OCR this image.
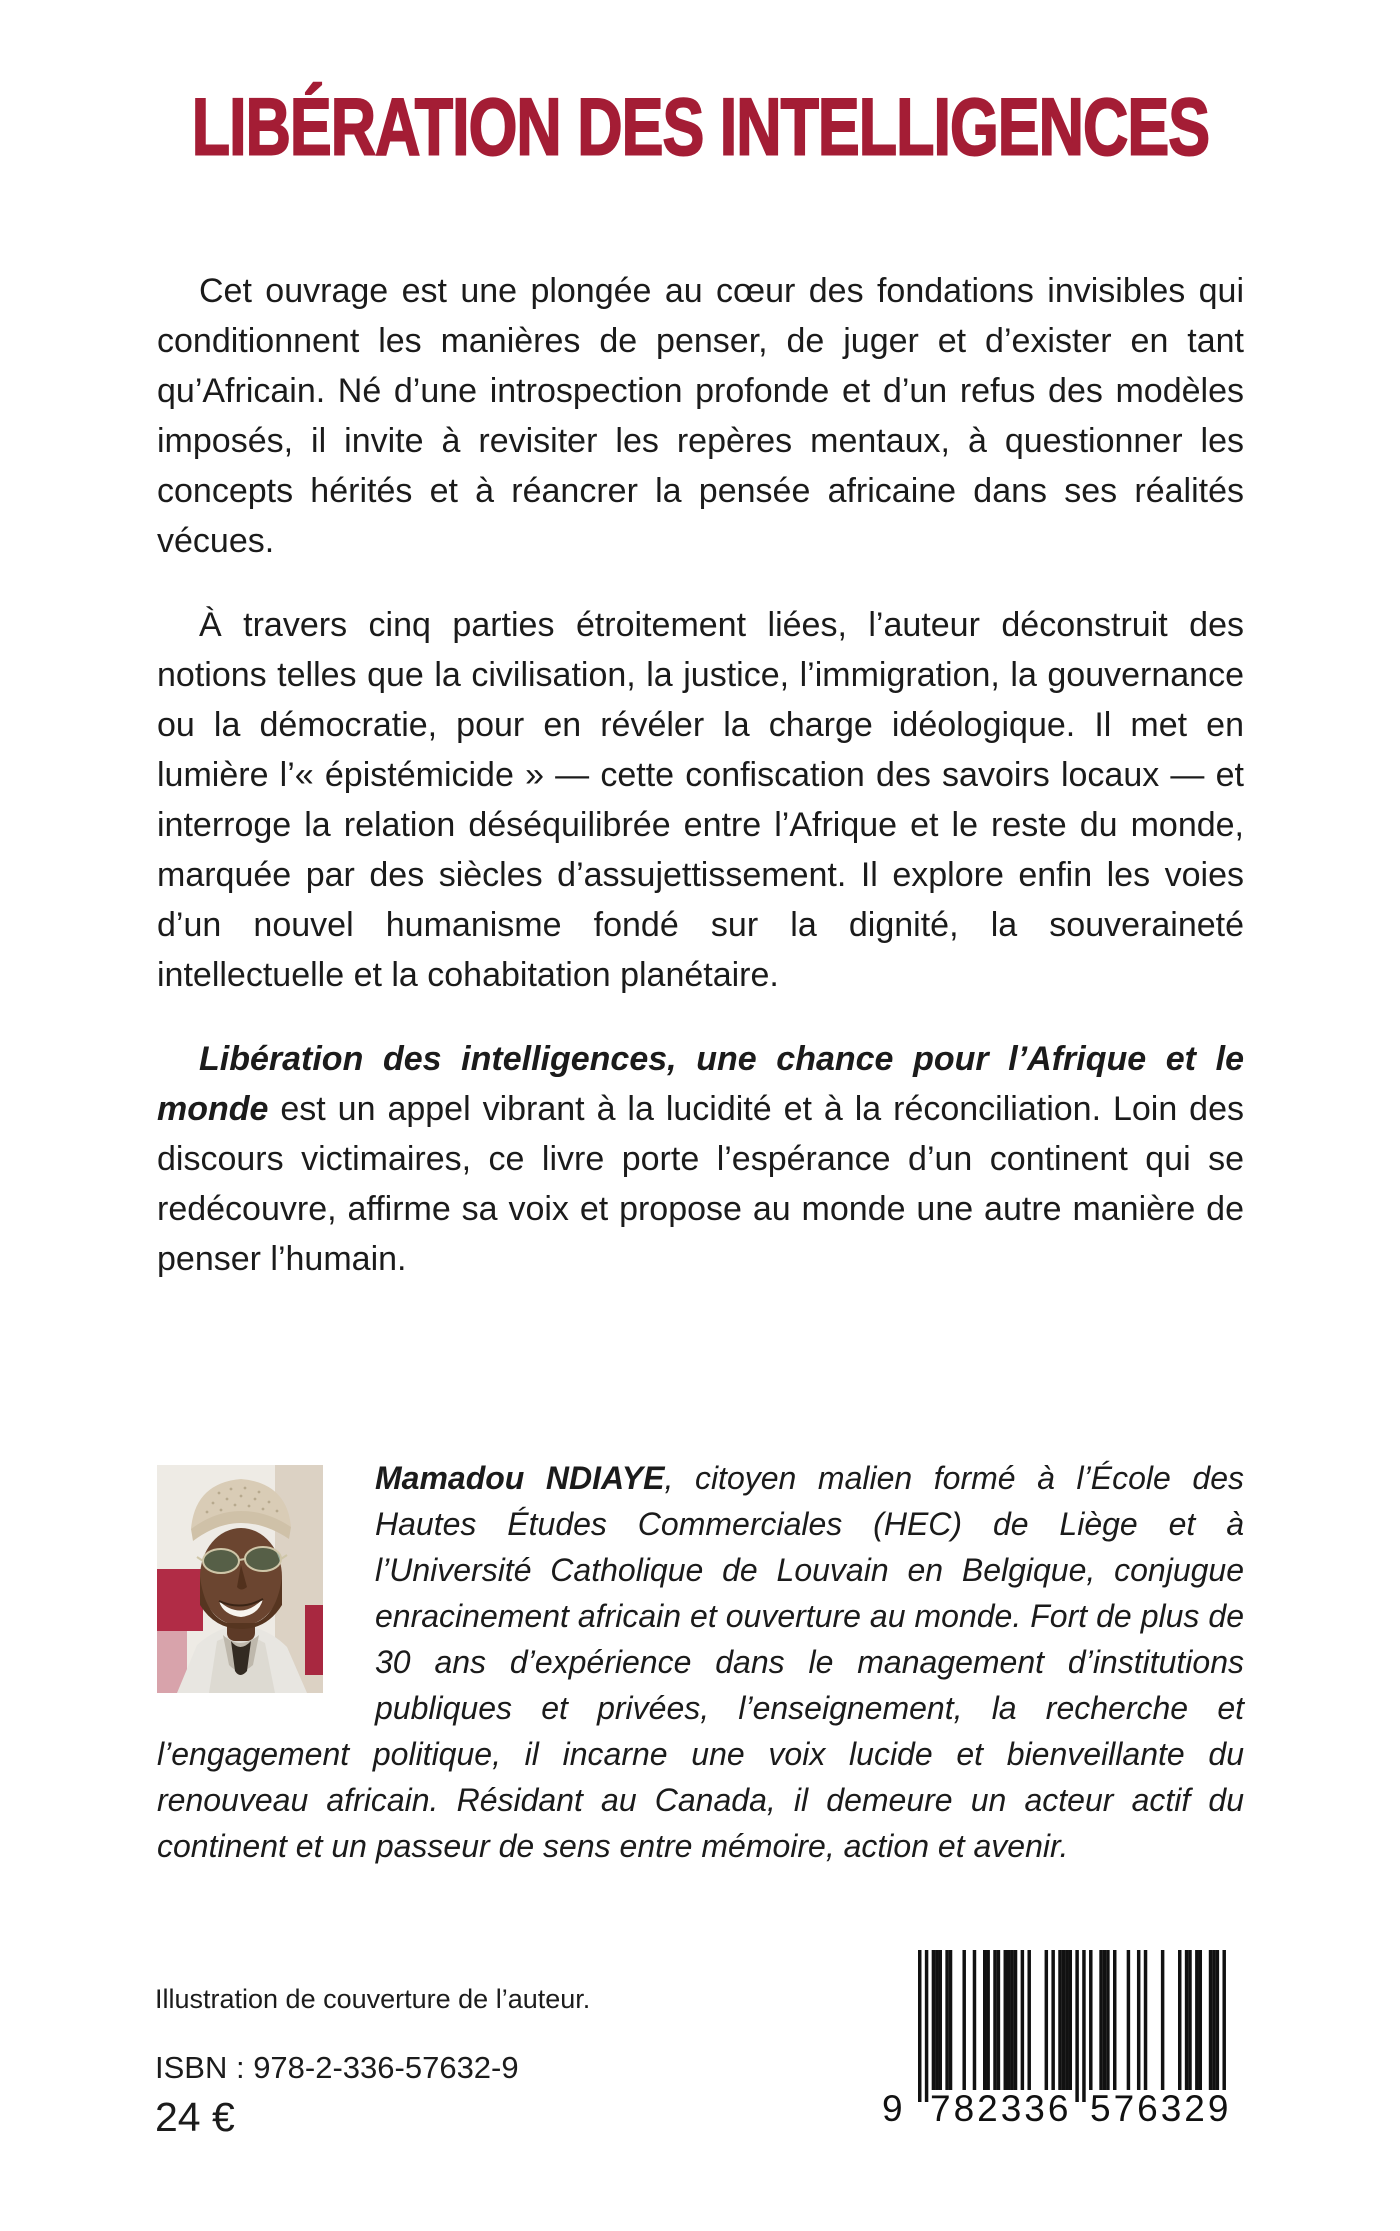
LIBÉRATION DES INTELLIGENCES

Cet ouvrage est une plongée au cœur des fondations invisibles qui conditionnent les manières de penser, de juger et d’exister en tant qu’Africain. Né d’une introspection profonde et d’un refus des modèles imposés, il invite à revisiter les repères mentaux, à questionner les concepts hérités et à réancrer la pensée africaine dans ses réalités vécues.

À travers cinq parties étroitement liées, l’auteur déconstruit des notions telles que la civilisation, la justice, l’immigration, la gouvernance ou la démocratie, pour en révéler la charge idéologique. Il met en lumière l’« épistémicide » — cette confiscation des savoirs locaux — et interroge la relation déséquilibrée entre l’Afrique et le reste du monde, marquée par des siècles d’assujettissement. Il explore enfin les voies d’un nouvel humanisme fondé sur la dignité, la souveraineté intellectuelle et la cohabitation planétaire.

Libération des intelligences, une chance pour l’Afrique et le monde est un appel vibrant à la lucidité et à la réconciliation. Loin des discours victimaires, ce livre porte l’espérance d’un continent qui se redécouvre, affirme sa voix et propose au monde une autre manière de penser l’humain.

Mamadou NDIAYE, citoyen malien formé à l’École des Hautes Études Commerciales (HEC) de Liège et à l’Université Catholique de Louvain en Belgique, conjugue enracinement africain et ouverture au monde. Fort de plus de 30 ans d’expérience dans le management d’institutions publiques et privées, l’enseignement, la recherche et l’engagement politique, il incarne une voix lucide et bienveillante du renouveau africain. Résidant au Canada, il demeure un acteur actif du continent et un passeur de sens entre mémoire, action et avenir.
Illustration de couverture de l’auteur.
ISBN : 978-2-336-57632-9
24 €	9 782336 576329
